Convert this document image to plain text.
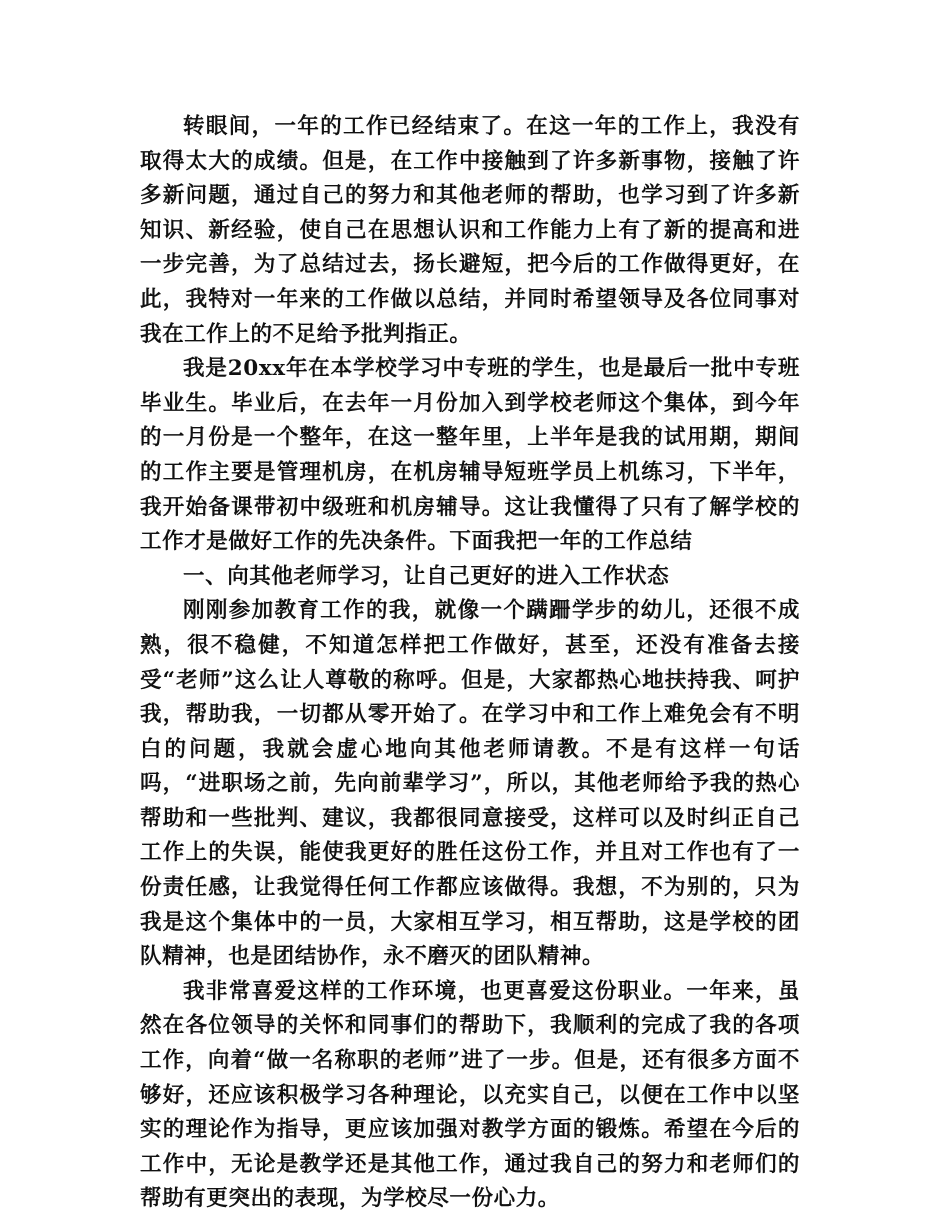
转眼间，一年的工作已经结束了。在这一年的工作上，我没有取得太大的成绩。但是，在工作中接触到了许多新事物，接触了许多新问题，通过自己的努力和其他老师的帮助，也学习到了许多新知识、新经验，使自己在思想认识和工作能力上有了新的提高和进一步完善，为了总结过去，扬长避短，把今后的工作做得更好，在此，我特对一年来的工作做以总结，并同时希望领导及各位同事对我在工作上的不足给予批判指正。

我是20xx年在本学校学习中专班的学生，也是最后一批中专班毕业生。毕业后，在去年一月份加入到学校老师这个集体，到今年的一月份是一个整年，在这一整年里，上半年是我的试用期，期间的工作主要是管理机房，在机房辅导短班学员上机练习，下半年，我开始备课带初中级班和机房辅导。这让我懂得了只有了解学校的工作才是做好工作的先决条件。下面我把一年的工作总结

一、向其他老师学习，让自己更好的进入工作状态

刚刚参加教育工作的我，就像一个蹒跚学步的幼儿，还很不成熟，很不稳健，不知道怎样把工作做好，甚至，还没有准备去接受“老师”这么让人尊敬的称呼。但是，大家都热心地扶持我、呵护我，帮助我，一切都从零开始了。在学习中和工作上难免会有不明白的问题，我就会虚心地向其他老师请教。不是有这样一句话吗，“进职场之前，先向前辈学习”，所以，其他老师给予我的热心帮助和一些批判、建议，我都很同意接受，这样可以及时纠正自己工作上的失误，能使我更好的胜任这份工作，并且对工作也有了一份责任感，让我觉得任何工作都应该做得。我想，不为别的，只为我是这个集体中的一员，大家相互学习，相互帮助，这是学校的团队精神，也是团结协作，永不磨灭的团队精神。

我非常喜爱这样的工作环境，也更喜爱这份职业。一年来，虽然在各位领导的关怀和同事们的帮助下，我顺利的完成了我的各项工作，向着“做一名称职的老师”进了一步。但是，还有很多方面不够好，还应该积极学习各种理论，以充实自己，以便在工作中以坚实的理论作为指导，更应该加强对教学方面的锻炼。希望在今后的工作中，无论是教学还是其他工作，通过我自己的努力和老师们的帮助有更突出的表现，为学校尽一份心力。
